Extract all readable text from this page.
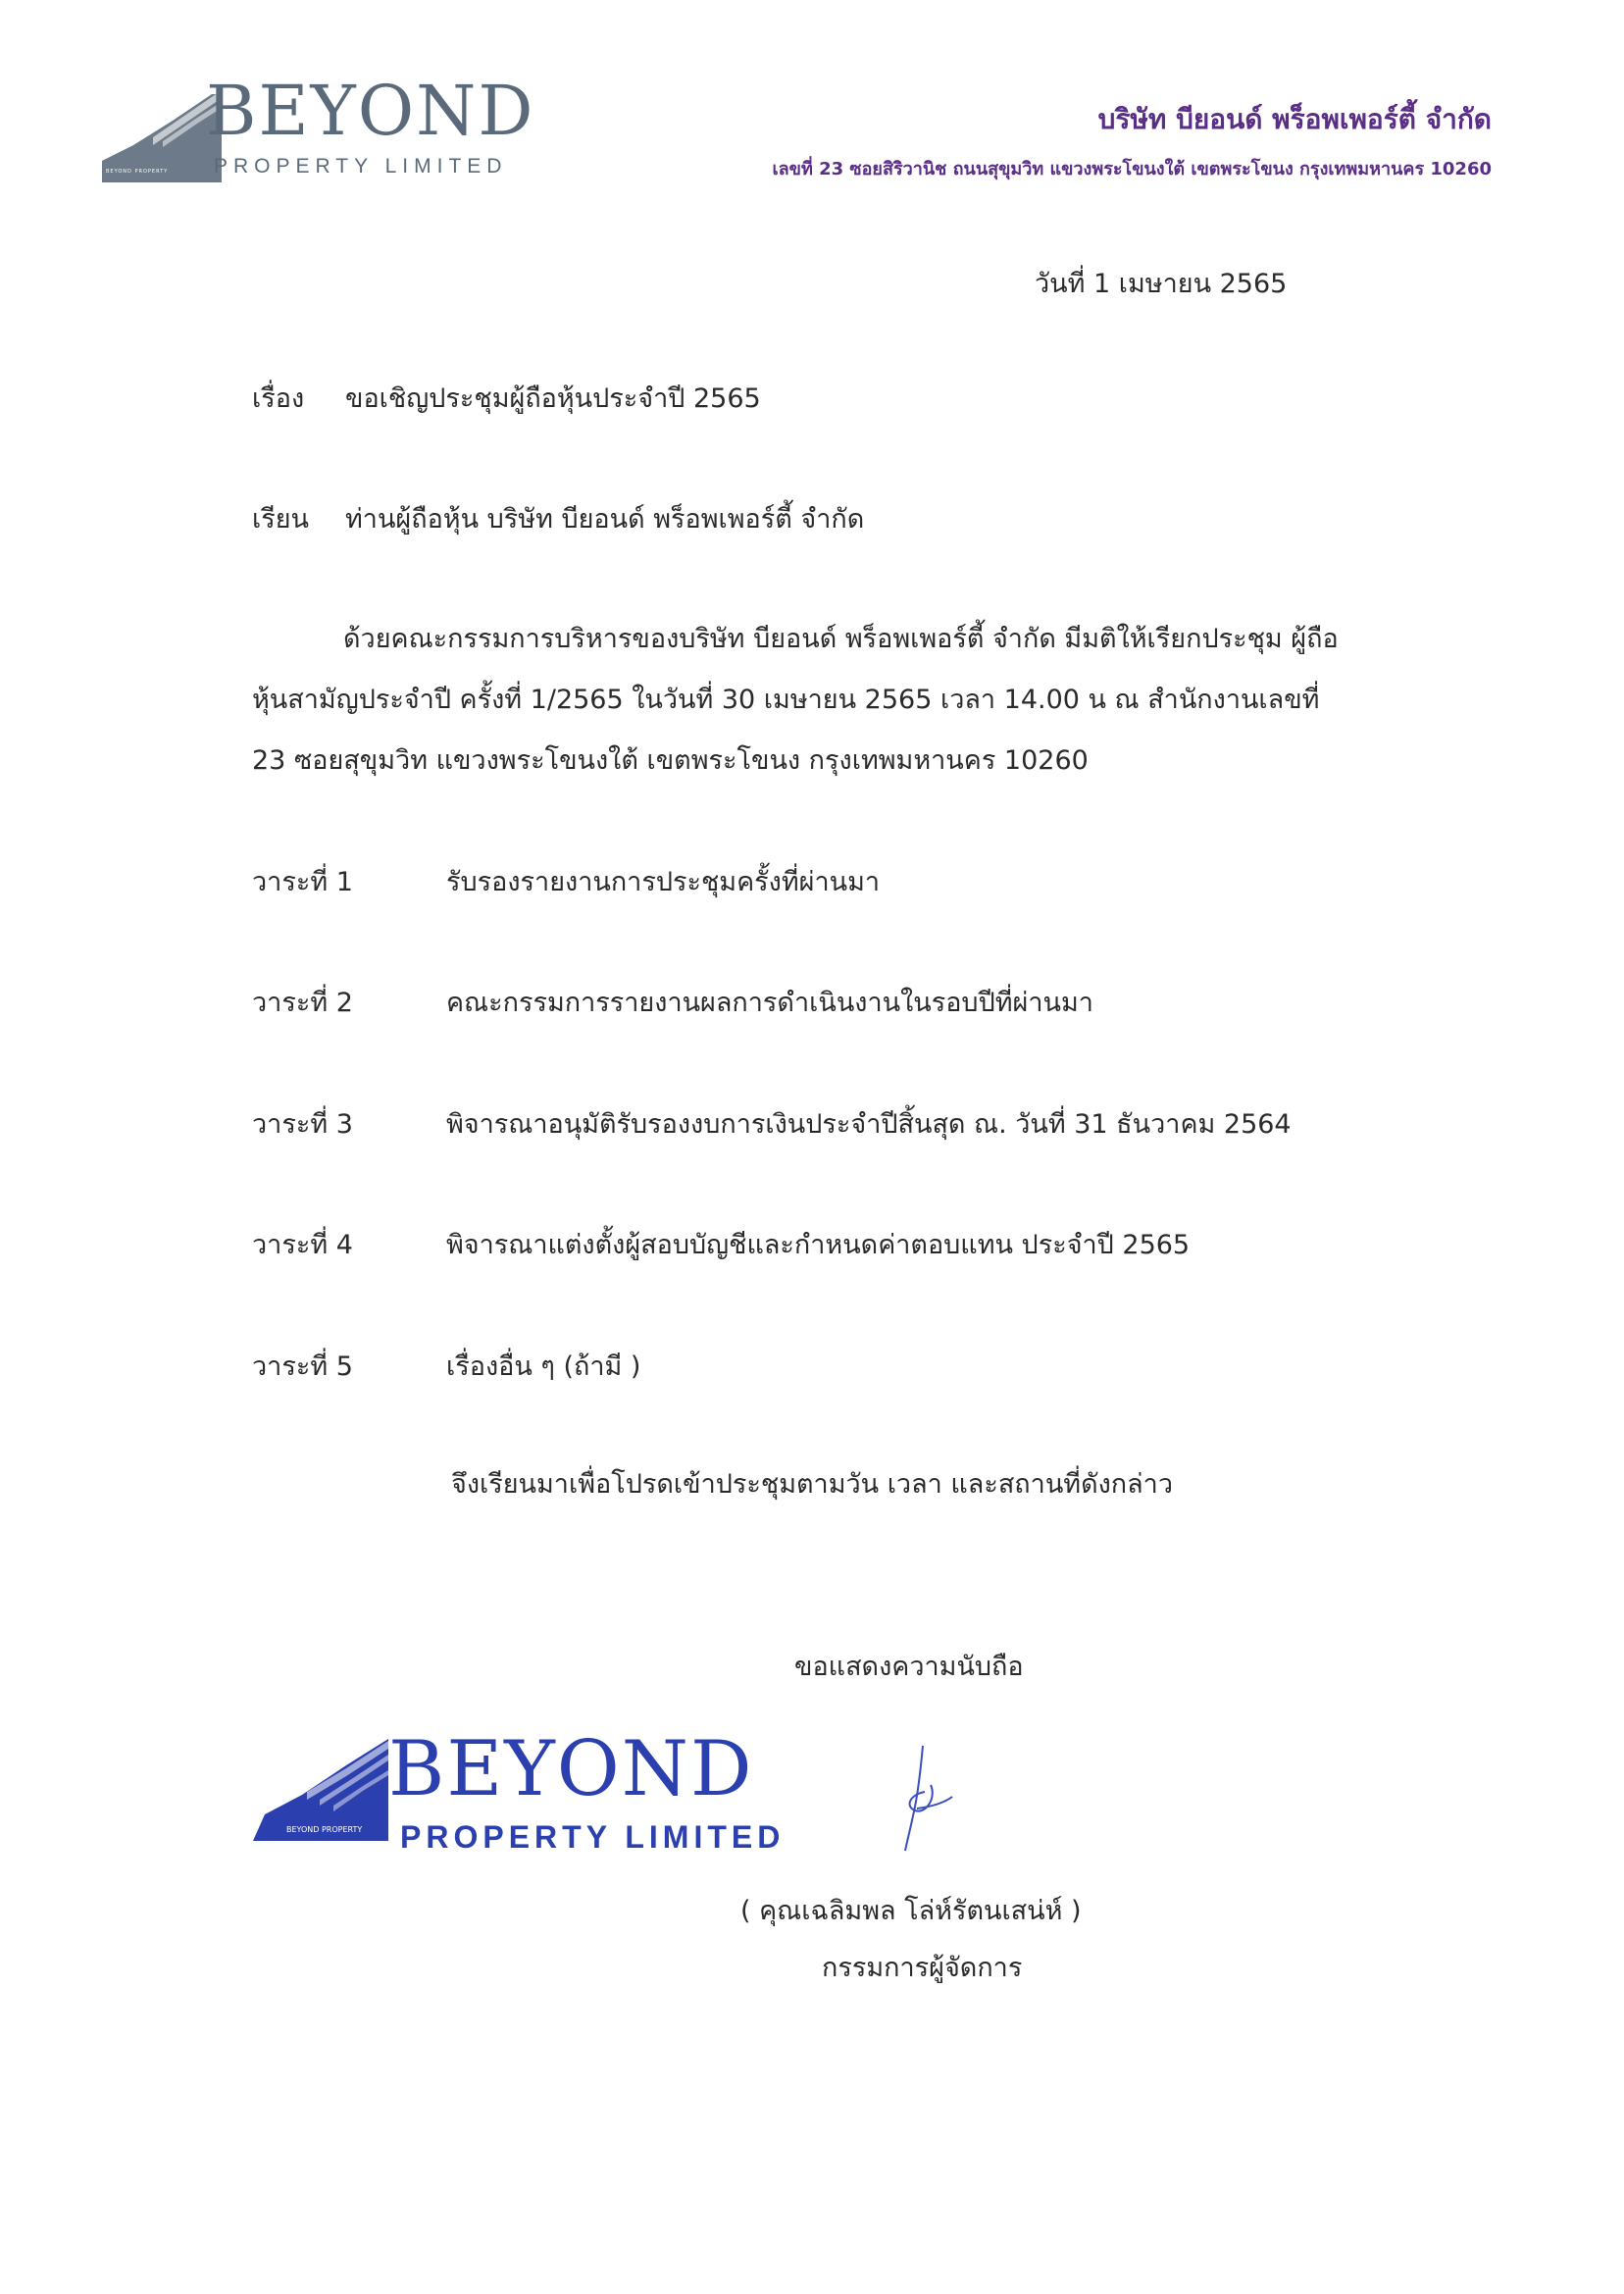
BEYOND PROPERTY
BEYOND
PROPERTY LIMITED
บริษัท บียอนด์ พร็อพเพอร์ตี้ จำกัด
เลขที่ 23 ซอยสิริวานิช ถนนสุขุมวิท แขวงพระโขนงใต้ เขตพระโขนง กรุงเทพมหานคร 10260
วันที่ 1 เมษายน 2565
เรื่อง ขอเชิญประชุมผู้ถือหุ้นประจำปี 2565
เรียน ท่านผู้ถือหุ้น บริษัท บียอนด์ พร็อพเพอร์ตี้ จำกัด
ด้วยคณะกรรมการบริหารของบริษัท บียอนด์ พร็อพเพอร์ตี้ จำกัด มีมติให้เรียกประชุม ผู้ถือ
หุ้นสามัญประจำปี ครั้งที่ 1/2565 ในวันที่ 30 เมษายน 2565 เวลา 14.00 น ณ สำนักงานเลขที่
23 ซอยสุขุมวิท แขวงพระโขนงใต้ เขตพระโขนง กรุงเทพมหานคร 10260
วาระที่ 1	รับรองรายงานการประชุมครั้งที่ผ่านมา
วาระที่ 2	คณะกรรมการรายงานผลการดำเนินงานในรอบปีที่ผ่านมา
วาระที่ 3	พิจารณาอนุมัติรับรองงบการเงินประจำปีสิ้นสุด ณ. วันที่ 31 ธันวาคม 2564
วาระที่ 4	พิจารณาแต่งตั้งผู้สอบบัญชีและกำหนดค่าตอบแทน ประจำปี 2565
วาระที่ 5	เรื่องอื่น ๆ (ถ้ามี )
จึงเรียนมาเพื่อโปรดเข้าประชุมตามวัน เวลา และสถานที่ดังกล่าว
ขอแสดงความนับถือ
BEYOND PROPERTY
BEYOND
PROPERTY LIMITED
( คุณเฉลิมพล โล่ห์รัตนเสน่ห์ )
กรรมการผู้จัดการ
